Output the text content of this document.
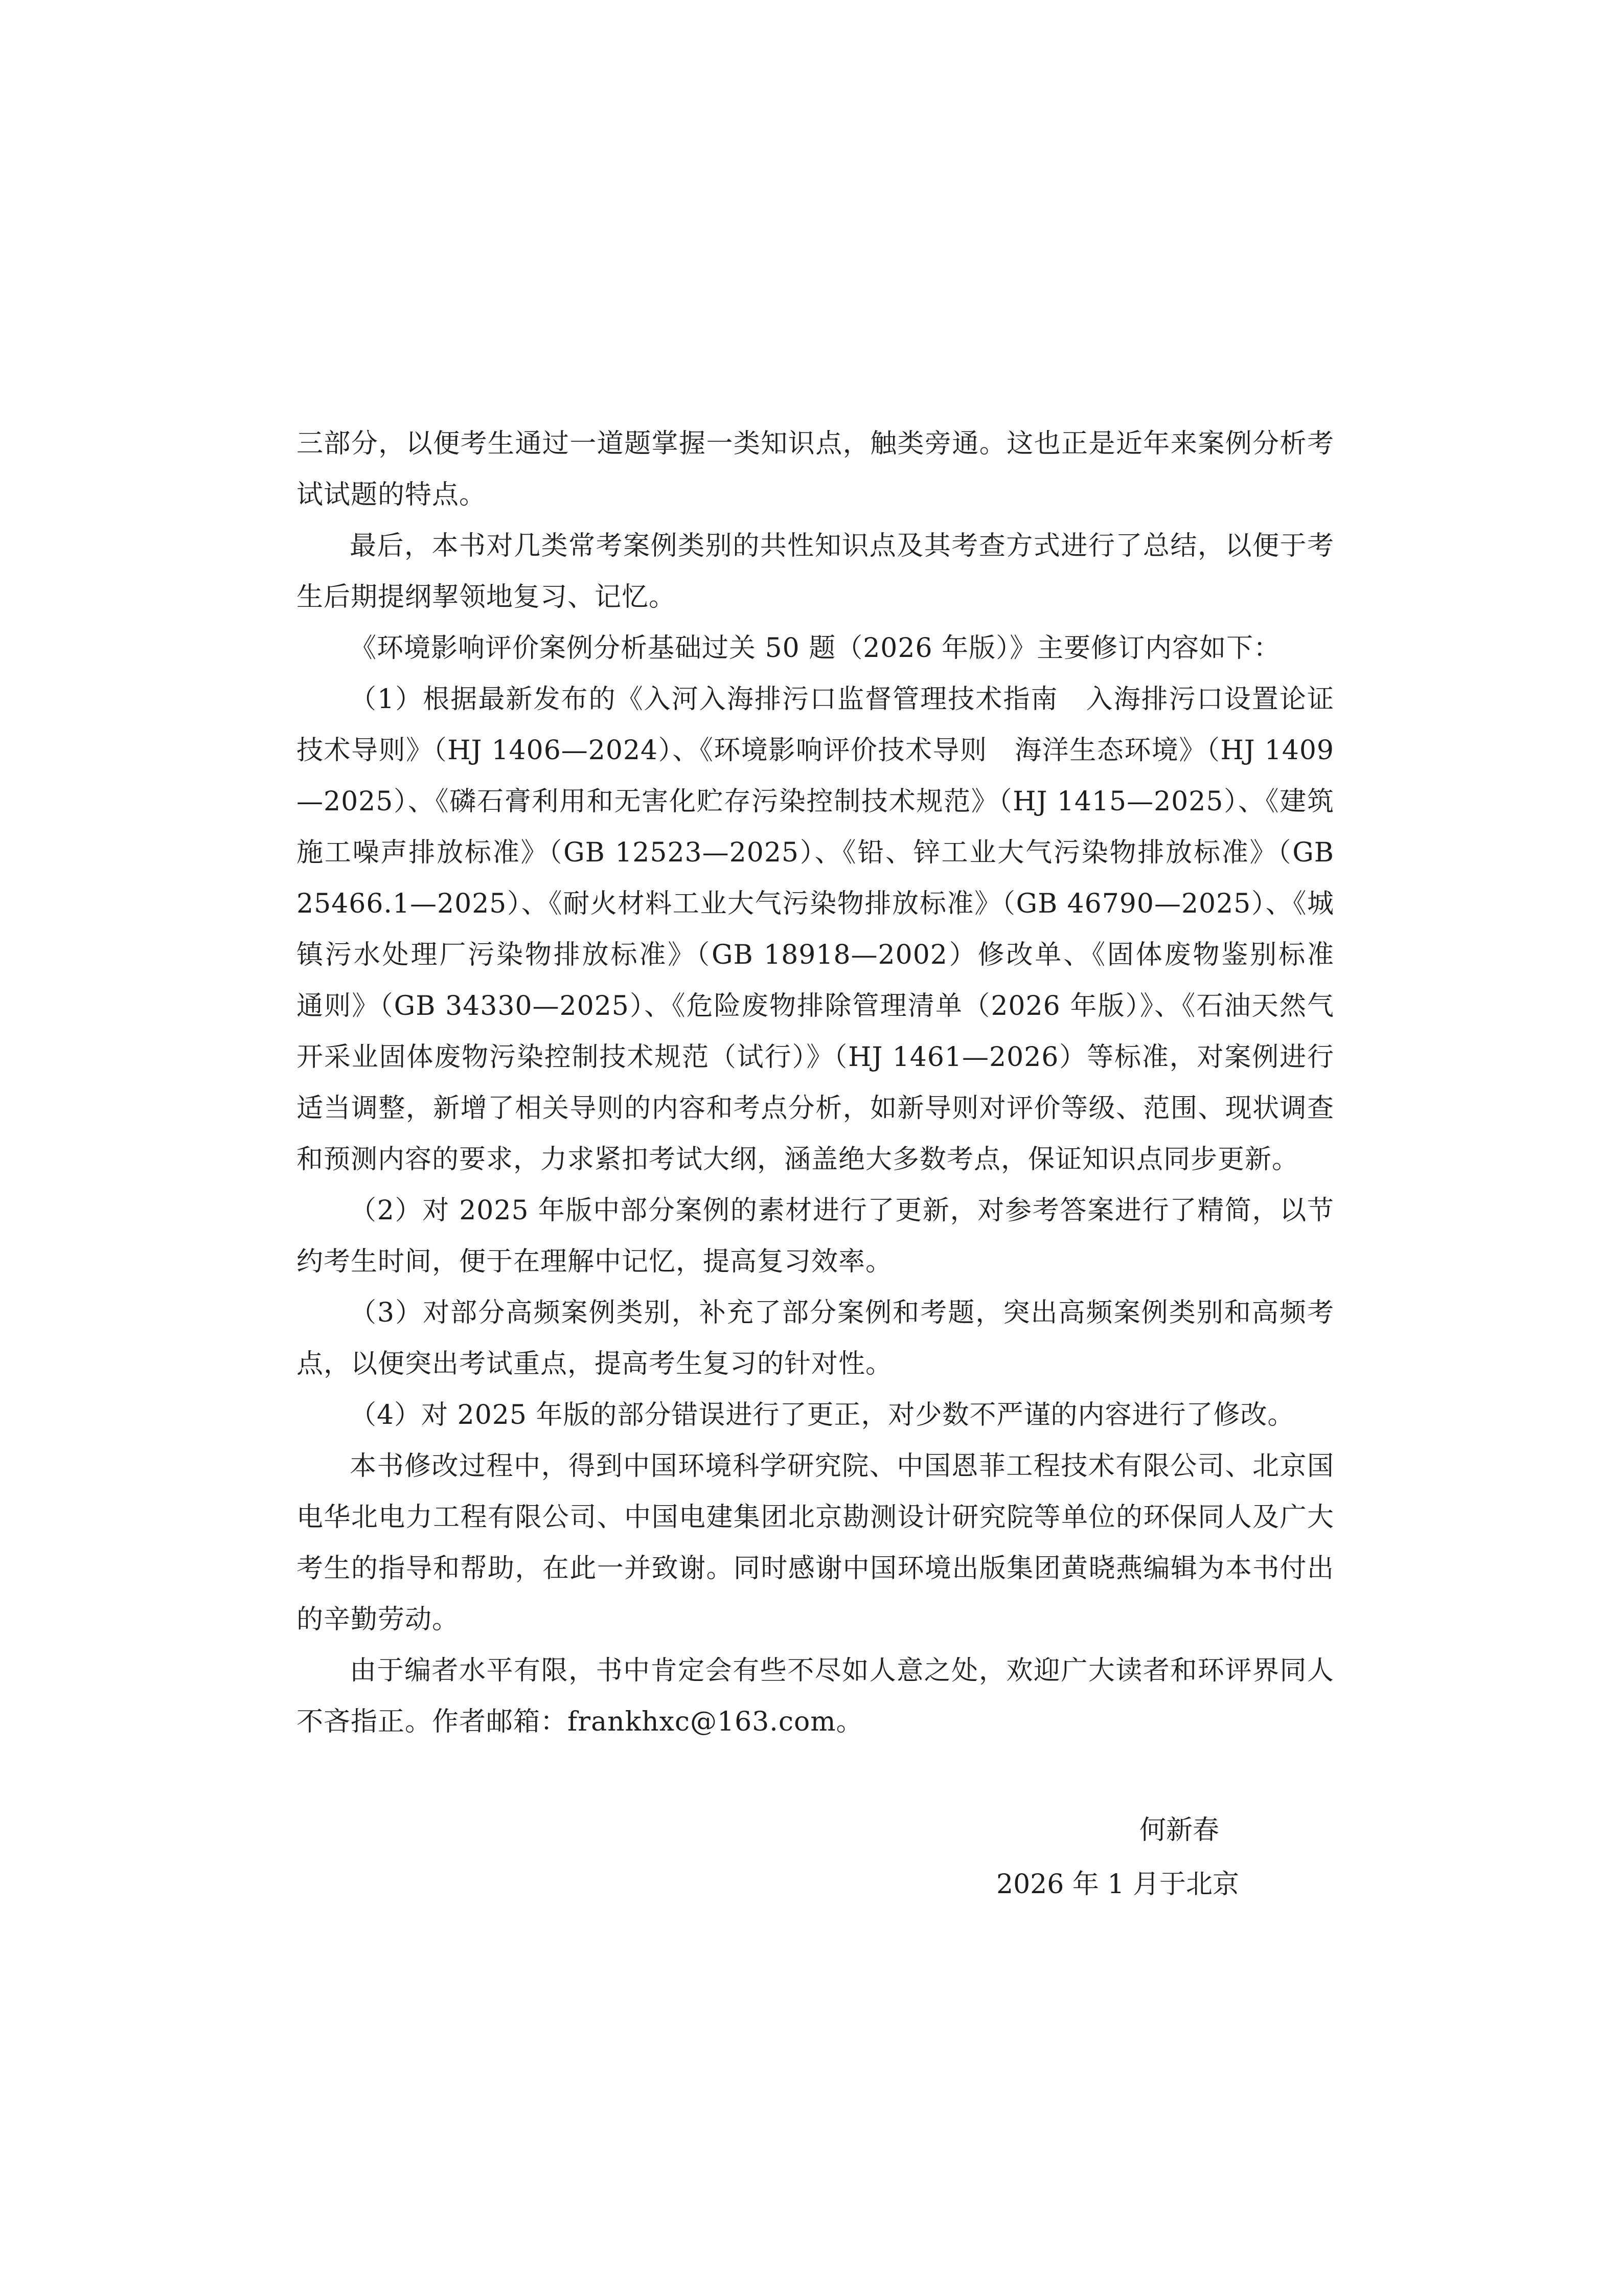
三部分，以便考生通过一道题掌握一类知识点，触类旁通。这也正是近年来案例分析考试试题的特点。

最后，本书对几类常考案例类别的共性知识点及其考查方式进行了总结，以便于考生后期提纲挈领地复习、记忆。

《环境影响评价案例分析基础过关 50 题（2026 年版）》主要修订内容如下：

（1）根据最新发布的《入河入海排污口监督管理技术指南　入海排污口设置论证技术导则》（HJ 1406—2024）、《环境影响评价技术导则　海洋生态环境》（HJ 1409—2025）、《磷石膏利用和无害化贮存污染控制技术规范》（HJ 1415—2025）、《建筑施工噪声排放标准》（GB 12523—2025）、《铅、锌工业大气污染物排放标准》（GB 25466.1—2025）、《耐火材料工业大气污染物排放标准》（GB 46790—2025）、《城镇污水处理厂污染物排放标准》（GB 18918—2002）修改单、《固体废物鉴别标准　通则》（GB 34330—2025）、《危险废物排除管理清单（2026 年版）》、《石油天然气开采业固体废物污染控制技术规范（试行）》（HJ 1461—2026）等标准，对案例进行适当调整，新增了相关导则的内容和考点分析，如新导则对评价等级、范围、现状调查和预测内容的要求，力求紧扣考试大纲，涵盖绝大多数考点，保证知识点同步更新。

（2）对 2025 年版中部分案例的素材进行了更新，对参考答案进行了精简，以节约考生时间，便于在理解中记忆，提高复习效率。

（3）对部分高频案例类别，补充了部分案例和考题，突出高频案例类别和高频考点，以便突出考试重点，提高考生复习的针对性。

（4）对 2025 年版的部分错误进行了更正，对少数不严谨的内容进行了修改。

本书修改过程中，得到中国环境科学研究院、中国恩菲工程技术有限公司、北京国电华北电力工程有限公司、中国电建集团北京勘测设计研究院等单位的环保同人及广大考生的指导和帮助，在此一并致谢。同时感谢中国环境出版集团黄晓燕编辑为本书付出的辛勤劳动。

由于编者水平有限，书中肯定会有些不尽如人意之处，欢迎广大读者和环评界同人不吝指正。作者邮箱：frankhxc@163.com。

何新春
2026 年 1 月于北京
